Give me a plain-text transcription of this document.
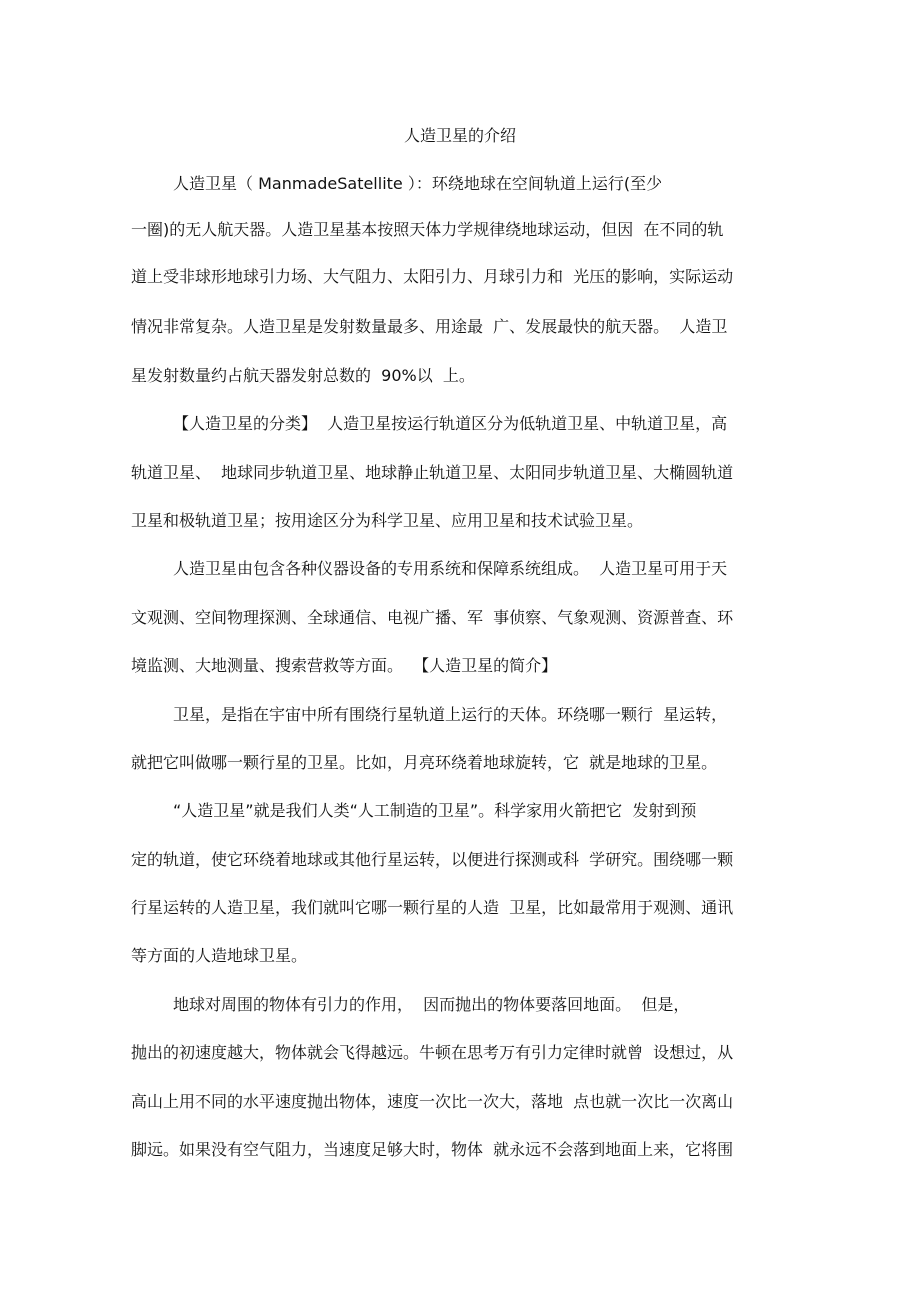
人造卫星的介绍
人造卫星（ ManmadeSatellite ）：环绕地球在空间轨道上运行(至少
一圈)的无人航天器。人造卫星基本按照天体力学规律绕地球运动，但因  在不同的轨
道上受非球形地球引力场、大气阻力、太阳引力、月球引力和  光压的影响，实际运动
情况非常复杂。人造卫星是发射数量最多、用途最  广、发展最快的航天器。  人造卫
星发射数量约占航天器发射总数的  90%以  上。
【人造卫星的分类】  人造卫星按运行轨道区分为低轨道卫星、中轨道卫星，高
轨道卫星、  地球同步轨道卫星、地球静止轨道卫星、太阳同步轨道卫星、大椭圆轨道
卫星和极轨道卫星；按用途区分为科学卫星、应用卫星和技术试验卫星。
人造卫星由包含各种仪器设备的专用系统和保障系统组成。  人造卫星可用于天
文观测、空间物理探测、全球通信、电视广播、军  事侦察、气象观测、资源普查、环
境监测、大地测量、搜索营救等方面。  【人造卫星的简介】
卫星，是指在宇宙中所有围绕行星轨道上运行的天体。环绕哪一颗行  星运转，
就把它叫做哪一颗行星的卫星。比如，月亮环绕着地球旋转，它  就是地球的卫星。
“人造卫星”就是我们人类“人工制造的卫星”。科学家用火箭把它  发射到预
定的轨道，使它环绕着地球或其他行星运转，以便进行探测或科  学研究。围绕哪一颗
行星运转的人造卫星，我们就叫它哪一颗行星的人造  卫星，比如最常用于观测、通讯
等方面的人造地球卫星。
地球对周围的物体有引力的作用，  因而抛出的物体要落回地面。  但是，
抛出的初速度越大，物体就会飞得越远。牛顿在思考万有引力定律时就曾  设想过，从
高山上用不同的水平速度抛出物体，速度一次比一次大，落地  点也就一次比一次离山
脚远。如果没有空气阻力，当速度足够大时，物体  就永远不会落到地面上来，它将围
